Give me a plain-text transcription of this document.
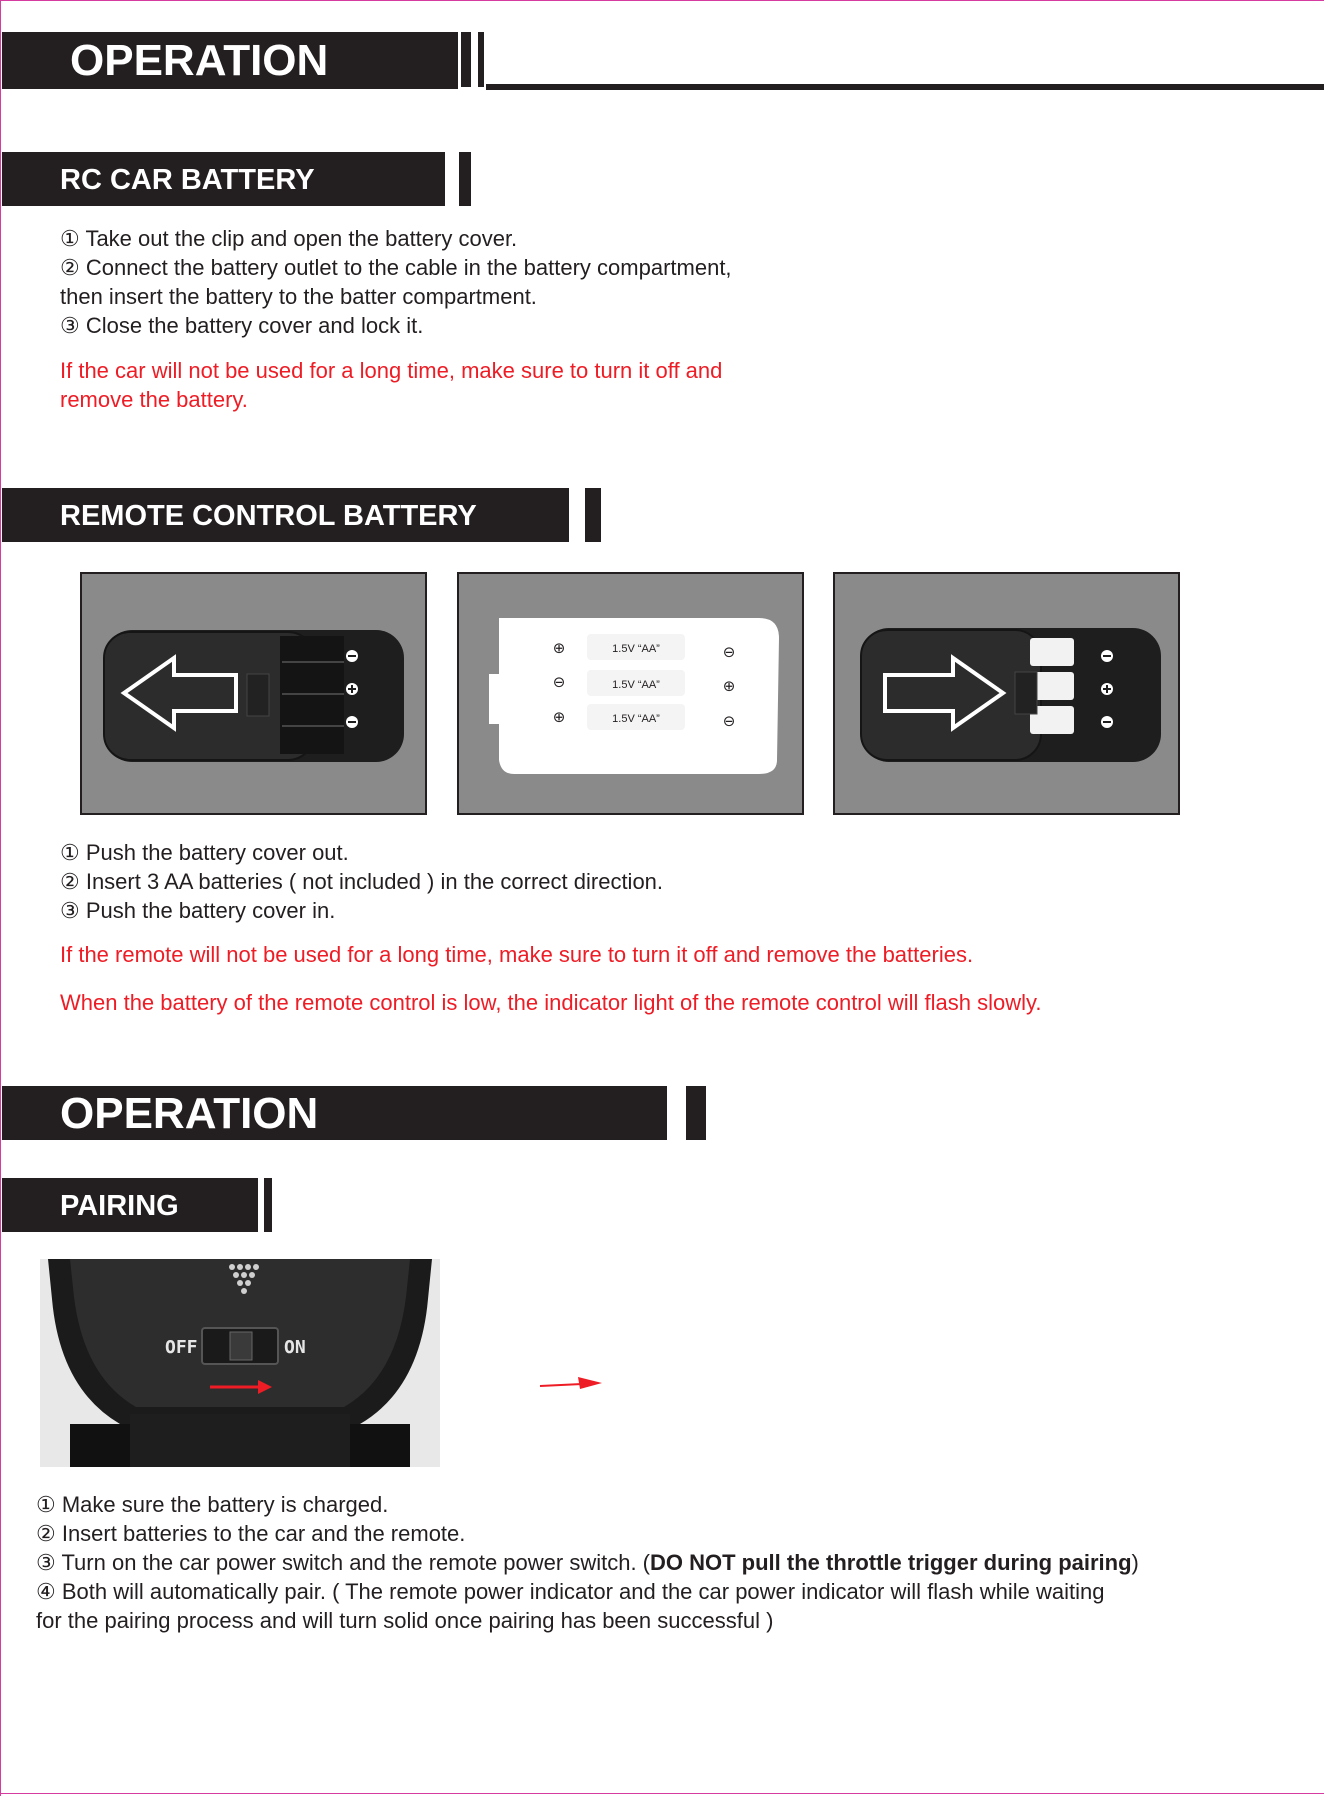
OPERATION
RC CAR BATTERY
① Take out the clip and open the battery cover.
② Connect the battery outlet to the cable in the battery compartment,
then insert the battery to the batter compartment.
③ Close the battery cover and lock it.
If the car will not be used for a long time, make sure to turn it off and
remove the battery.
REMOTE CONTROL BATTERY
⊕
⊖
⊕
⊖
⊕
⊖
1.5V “AA”
1.5V “AA”
1.5V “AA”
① Push the battery cover out.
② Insert 3 AA batteries ( not included ) in the correct direction.
③ Push the battery cover in.
If the remote will not be used for a long time, make sure to turn it off and remove the batteries.
When the battery of the remote control is low, the indicator light of the remote control will flash slowly.
OPERATION
PAIRING
OFF	ON
① Make sure the battery is charged.
② Insert batteries to the car and the remote.
③ Turn on the car power switch and the remote power switch. (DO NOT pull the throttle trigger during pairing)
④ Both will automatically pair. ( The remote power indicator and the car power indicator will flash while waiting
for the pairing process and will turn solid once pairing has been successful )
